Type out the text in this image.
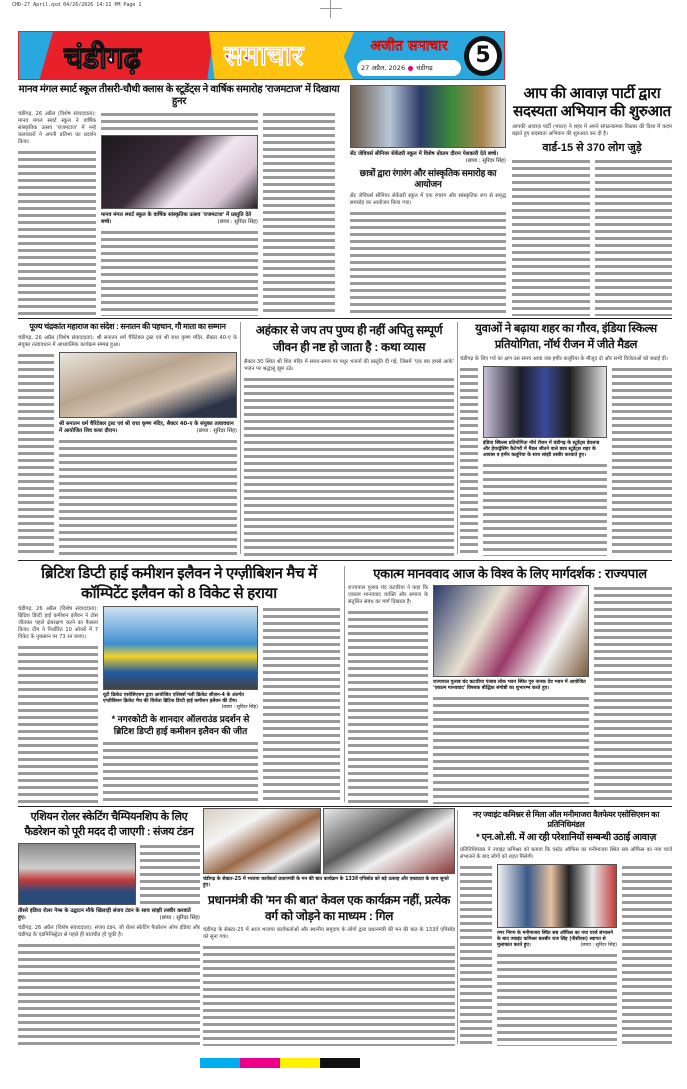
CHD-27 April.qxd 04/26/2026 14:11 PM Page 1
चंडीगढ़	समाचार	अजीत समाचार
27 अप्रैल, 2026 चंडीगढ़	5
मानव मंगल स्मार्ट स्कूल तीसरी-चौथी क्लास के स्टूडेंट्स ने वार्षिक समारोह 'राजमटाज' में दिखाया हुनर
चंडीगढ़, 26 अप्रैल (विशेष संवाददाता): मानव मंगल स्मार्ट स्कूल ने वार्षिक सांस्कृतिक उत्सव 'राजमटाज' में नन्हे कलाकारों ने अपनी प्रतिभा का प्रदर्शन किया।
मानव मंगल स्मार्ट स्कूल के वार्षिक सांस्कृतिक उत्सव 'राजमटाज' में प्रस्तुति देते बच्चे।	(छाया : सुरिंदर सिंह)
सेंट जेवियर्स सीनियर सेकेंडरी स्कूल में विशेष प्रोग्राम दौरान पेशकारी देते बच्चे।
(छाया : सुरिंदर सिंह)
छात्रों द्वारा रंगारंग और सांस्कृतिक समारोह का आयोजन
सेंट जेवियर्स सीनियर सेकेंडरी स्कूल में एक रंगारंग और सांस्कृतिक रूप से समृद्ध समारोह का आयोजन किया गया।
आप की आवाज़ पार्टी द्वारा सदस्यता अभियान की शुरुआत
आपकी आवाज़ पार्टी (भारत) ने शहर में अपने संगठनात्मक विस्तार की दिशा में कदम बढ़ाते हुए सदस्यता अभियान की शुरुआत कर दी है।
वार्ड-15 से 370 लोग जुड़े
पूज्य चंद्रकांत महाराज का संदेश : सनातन की पहचान, गौ माता का सम्मान
चंडीगढ़, 26 अप्रैल (विशेष संवाददाता): श्री सनातन धर्म चैरिटेबल ट्रस्ट एवं श्री राधा कृष्ण मंदिर, सैक्टर 40-ए के संयुक्त तत्वावधान में आध्यात्मिक कार्यक्रम सम्पन्न हुआ।
श्री सनातन धर्म चैरिटेबल ट्रस्ट एवं श्री राधा कृष्ण मंदिर, सैक्टर 40-ए के संयुक्त तत्वावधान में आयोजित शिव कथा दौरान।	(छाया : सुरिंदर सिंह)
अहंकार से जप तप पुण्य ही नहीं अपितु सम्पूर्ण जीवन ही नष्ट हो जाता है : कथा व्यास
सैक्टर-30 स्थित श्री शिव मंदिर में समय-समय पर मधुर भजनों की प्रस्तुति दी गई, जिसमें 'एक बार हमसे आके' भजन पर श्रद्धालु झूम उठे।
युवाओं ने बढ़ाया शहर का गौरव, इंडिया स्किल्स प्रतियोगिता, नॉर्थ रीजन में जीते मैडल
चंडीगढ़ के लिए गर्व का क्षण उस समय आया जब हमीर कलूरिया के मौजूद दो और सभी विजेताओं को बधाई दी।
इंडिया स्किल्स प्रतियोगिता नॉर्थ रीजन में चंडीगढ़ के स्टूडेंट्स डेवलप्ड और हेयरड्रेसिंग कैटेगरी में मैडल जीतने वाले छात्र स्टूडेंट्स शहर के आवास व हमीर कलूरिया के साथ सांझी तस्वीर करवाते हुए।
ब्रिटिश डिप्टी हाई कमीशन इलैवन ने एग्ज़ीबिशन मैच में कॉम्पिटेंट इलैवन को 8 विकेट से हराया
चंडीगढ़, 26 अप्रैल (विशेष संवाददाता): ब्रिटिश डिप्टी हाई कमीशन इलैवन ने टॉस जीतकर पहले क्षेत्ररक्षण करने का फैसला किया। टीम ने निर्धारित 10 ओवरों में 7 विकेट के नुकसान पर 73 रन बनाए।
यूटी क्रिकेट एसोसिएशन द्वारा आयोजित एलिवर्स गली क्रिकेट सीज़न-4 के अंतर्गत एग्ज़ीबिशन क्रिकेट मैच की विजेता ब्रिटिश डिप्टी हाई कमीशन इलैवन की टीम।
(छाया : सुरिंदर सिंह)
* नगरकोटी के शानदार ऑलराउंड प्रदर्शन से ब्रिटिश डिप्टी हाई कमीशन इलैवन की जीत
एकात्म मानववाद आज के विश्व के लिए मार्गदर्शक : राज्यपाल
राज्यपाल गुलाब चंद कटारिया ने कहा कि एकात्म मानववाद व्यक्ति और समाज के संतुलित संबंध का मार्ग दिखाता है।
राज्यपाल गुलाब चंद कटारिया पंजाब लोक भवन स्थित गुरु नानक देव भवन में आयोजित 'एकात्म मानववाद' विषयक बौद्धिक संगोष्ठी का शुभारम्भ करते हुए।
एशियन रोलर स्केटिंग चैम्पियनशिप के लिए फैडरेशन को पूरी मदद दी जाएगी : संजय टंडन
तीसरे इंडिया रोलर गेम्स के उद्घाटन मौके खिलाड़ी संजय टंडन के साथ सांझी तस्वीर करवाते हुए।	(छाया : सुरिंदर सिंह)
चंडीगढ़, 26 अप्रैल (विशेष संवाददाता): संजय टंडन, जो रोलर स्केटिंग फैडरेशन ऑफ इंडिया और चंडीगढ़ के एडमिनिस्ट्रेटर से पहले ही बातचीत हो चुकी है।
चंडीगढ़ के सेक्टर-25 में भाजपा कार्यकर्ता प्रधानमंत्री के मन की बात कार्यक्रम के 133वें एपिसोड को बड़े उत्साह और एकाग्रता के साथ सुनते हुए।
प्रधानमंत्री की 'मन की बात' केवल एक कार्यक्रम नहीं, प्रत्येक वर्ग को जोड़ने का माध्यम : गिल
चंडीगढ़ के सेक्टर-25 में आज भाजपा कार्यकर्ताओं और स्थानीय समुदाय के लोगों द्वारा प्रधानमंत्री की मन की बात के 133वें एपिसोड को सुना गया।
नए ज्वाइंट कमिश्नर से मिला ऑल मनीमाजरा वैलफेयर एसोसिएशन का प्रतिनिधिमंडल
* एन.ओ.सी. में आ रही परेशानियों सम्बन्धी उठाई आवाज़
प्रतिनिधिमंडल ने ज्वाइंट कमिश्नर को बताया कि एस्टेट ऑफिस का मनीमाजरा स्थित सब ऑफिस का नया चार्ज संभालने के बाद लोगों को राहत मिलेगी।
नगर निगम के मनीमाजरा स्थित सब ऑफिस का नया चार्ज संभालने के बाद ज्वाइंट कमिश्नर बलबीर राज सिंह (पीसीएस) स्वागत से मुलाकात करते हुए।	(छाया : सुरिंदर सिंह)
